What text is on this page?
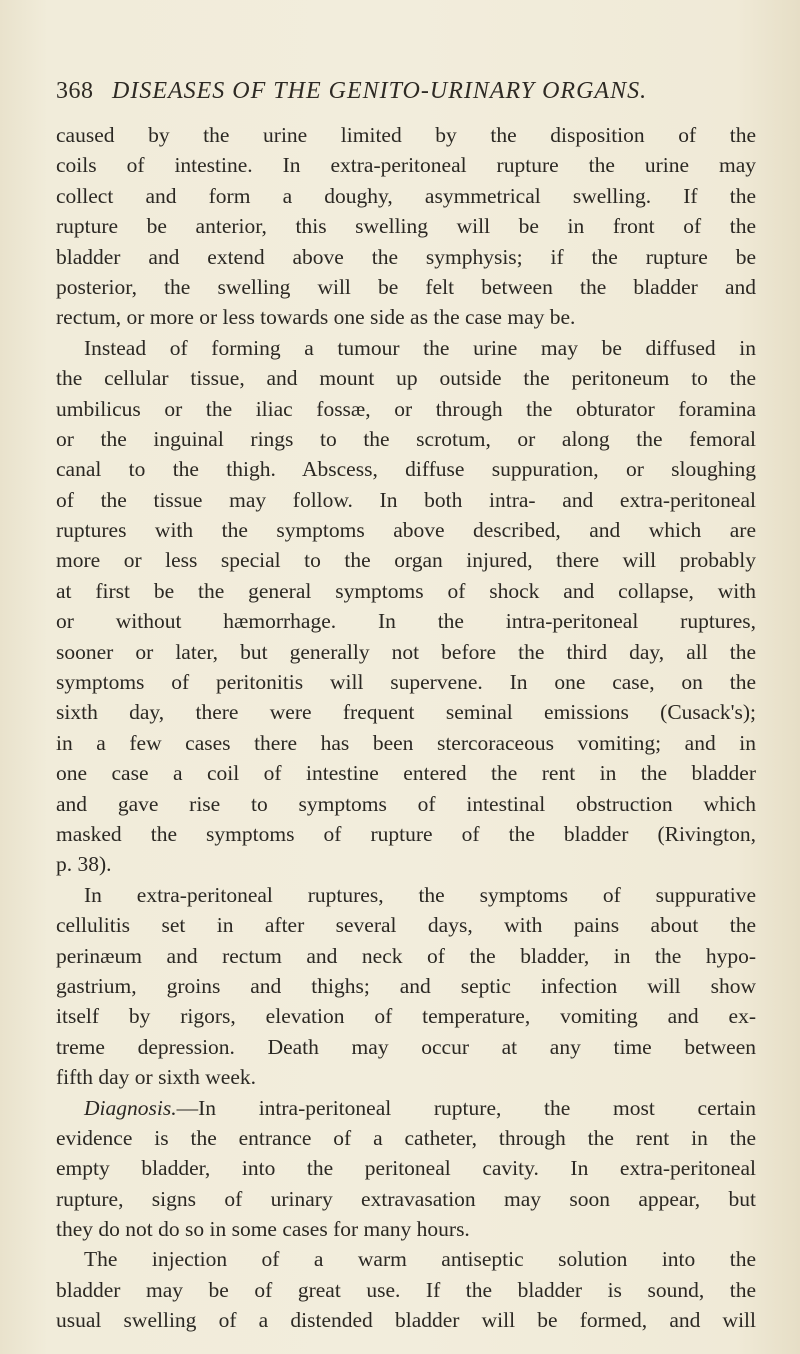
368 DISEASES OF THE GENITO-URINARY ORGANS.
caused by the urine limited by the disposition of the
coils of intestine. In extra-peritoneal rupture the urine may
collect and form a doughy, asymmetrical swelling. If the
rupture be anterior, this swelling will be in front of the
bladder and extend above the symphysis; if the rupture be
posterior, the swelling will be felt between the bladder and
rectum, or more or less towards one side as the case may be.
Instead of forming a tumour the urine may be diffused in
the cellular tissue, and mount up outside the peritoneum to the
umbilicus or the iliac fossæ, or through the obturator foramina
or the inguinal rings to the scrotum, or along the femoral
canal to the thigh. Abscess, diffuse suppuration, or sloughing
of the tissue may follow. In both intra- and extra-peritoneal
ruptures with the symptoms above described, and which are
more or less special to the organ injured, there will probably
at first be the general symptoms of shock and collapse, with
or without hæmorrhage. In the intra-peritoneal ruptures,
sooner or later, but generally not before the third day, all the
symptoms of peritonitis will supervene. In one case, on the
sixth day, there were frequent seminal emissions (Cusack's);
in a few cases there has been stercoraceous vomiting; and in
one case a coil of intestine entered the rent in the bladder
and gave rise to symptoms of intestinal obstruction which
masked the symptoms of rupture of the bladder (Rivington,
p. 38).
In extra-peritoneal ruptures, the symptoms of suppurative
cellulitis set in after several days, with pains about the
perinæum and rectum and neck of the bladder, in the hypo-
gastrium, groins and thighs; and septic infection will show
itself by rigors, elevation of temperature, vomiting and ex-
treme depression. Death may occur at any time between
fifth day or sixth week.
Diagnosis.—In intra-peritoneal rupture, the most certain
evidence is the entrance of a catheter, through the rent in the
empty bladder, into the peritoneal cavity. In extra-peritoneal
rupture, signs of urinary extravasation may soon appear, but
they do not do so in some cases for many hours.
The injection of a warm antiseptic solution into the
bladder may be of great use. If the bladder is sound, the
usual swelling of a distended bladder will be formed, and will
